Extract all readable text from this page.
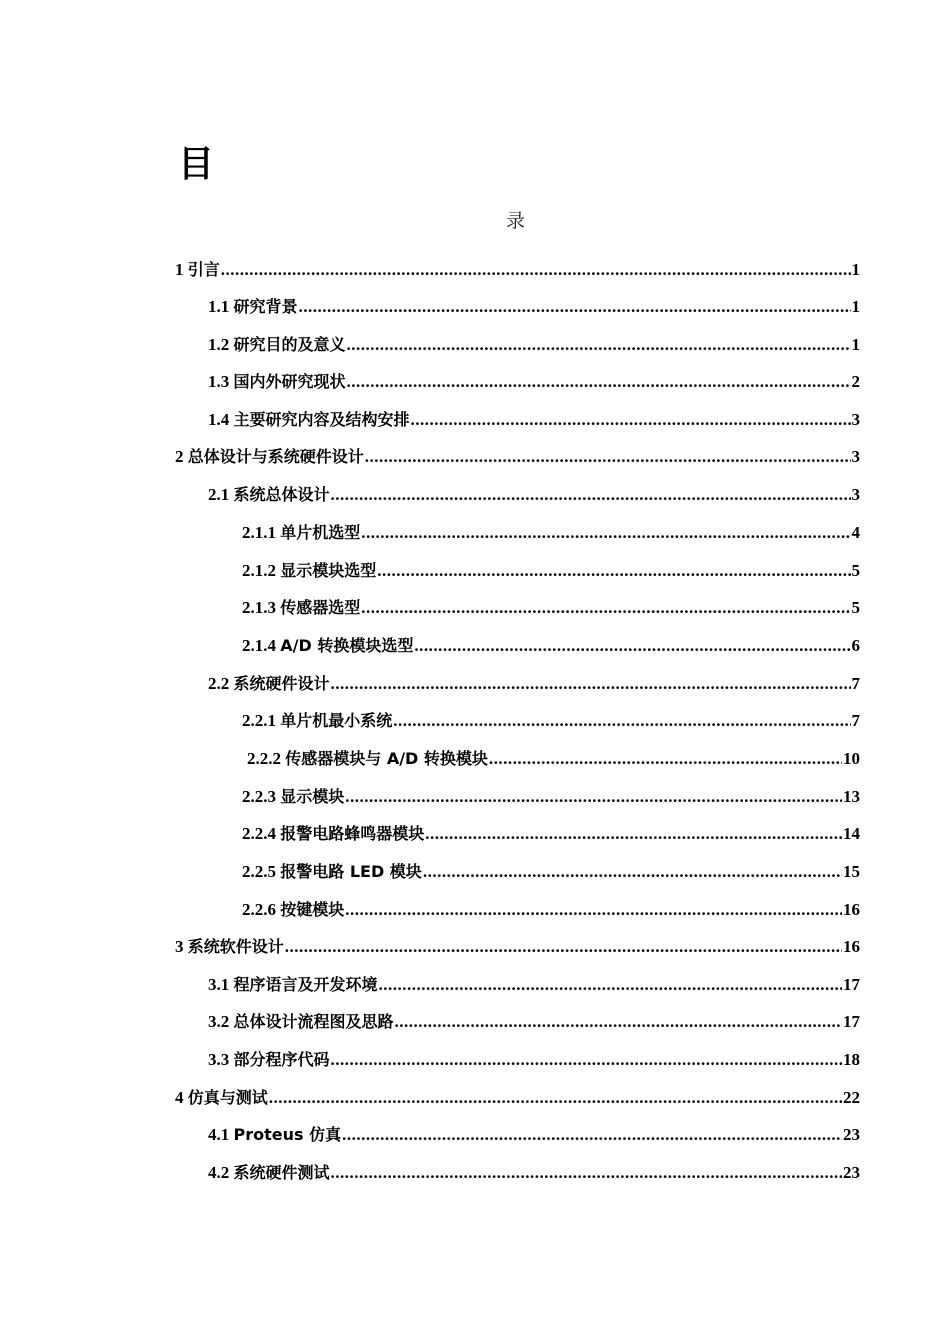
目
录
1 引言 .....	1
1.1 研究背景 .....	1
1.2 研究目的及意义 .....	1
1.3 国内外研究现状 .....	2
1.4 主要研究内容及结构安排 .....	3
2 总体设计与系统硬件设计 .....	3
2.1 系统总体设计 .....	3
2.1.1 单片机选型 .....	4
2.1.2 显示模块选型 .....	5
2.1.3 传感器选型 .....	5
2.1.4 A/D 转换模块选型 .....	6
2.2 系统硬件设计 .....	7
2.2.1 单片机最小系统 .....	7
2.2.2 传感器模块与 A/D 转换模块 .....	10
2.2.3 显示模块 .....	13
2.2.4 报警电路蜂鸣器模块 .....	14
2.2.5 报警电路 LED 模块 .....	15
2.2.6 按键模块 .....	16
3 系统软件设计 .....	16
3.1 程序语言及开发环境 .....	17
3.2 总体设计流程图及思路 .....	17
3.3 部分程序代码 .....	18
4 仿真与测试 .....	22
4.1 Proteus 仿真 .....	23
4.2 系统硬件测试 .....	23
